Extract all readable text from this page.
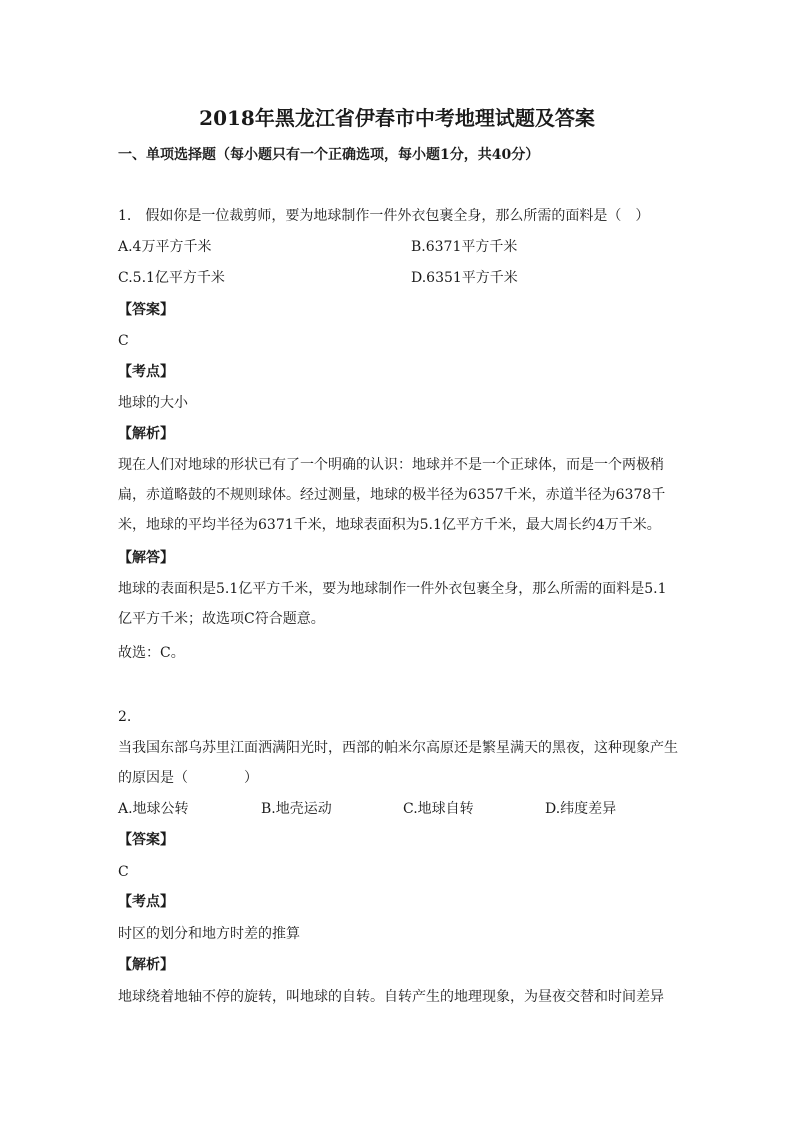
2018年黑龙江省伊春市中考地理试题及答案
一、单项选择题（每小题只有一个正确选项，每小题1分，共40分）
1.　假如你是一位裁剪师，要为地球制作一件外衣包裹全身，那么所需的面料是（　）
A.4万平方千米	B.6371平方千米
C.5.1亿平方千米	D.6351平方千米
【答案】
C
【考点】
地球的大小
【解析】
现在人们对地球的形状已有了一个明确的认识：地球并不是一个正球体，而是一个两极稍扁，赤道略鼓的不规则球体。经过测量，地球的极半径为6357千米，赤道半径为6378千米，地球的平均半径为6371千米，地球表面积为5.1亿平方千米，最大周长约4万千米。
【解答】
地球的表面积是5.1亿平方千米，要为地球制作一件外衣包裹全身，那么所需的面料是5.1亿平方千米；故选项C符合题意。
故选：C。
2.
当我国东部乌苏里江面洒满阳光时，西部的帕米尔高原还是繁星满天的黑夜，这种现象产生的原因是（　　　　）
A.地球公转	B.地壳运动	C.地球自转	D.纬度差异
【答案】
C
【考点】
时区的划分和地方时差的推算
【解析】
地球绕着地轴不停的旋转，叫地球的自转。自转产生的地理现象，为昼夜交替和时间差异
